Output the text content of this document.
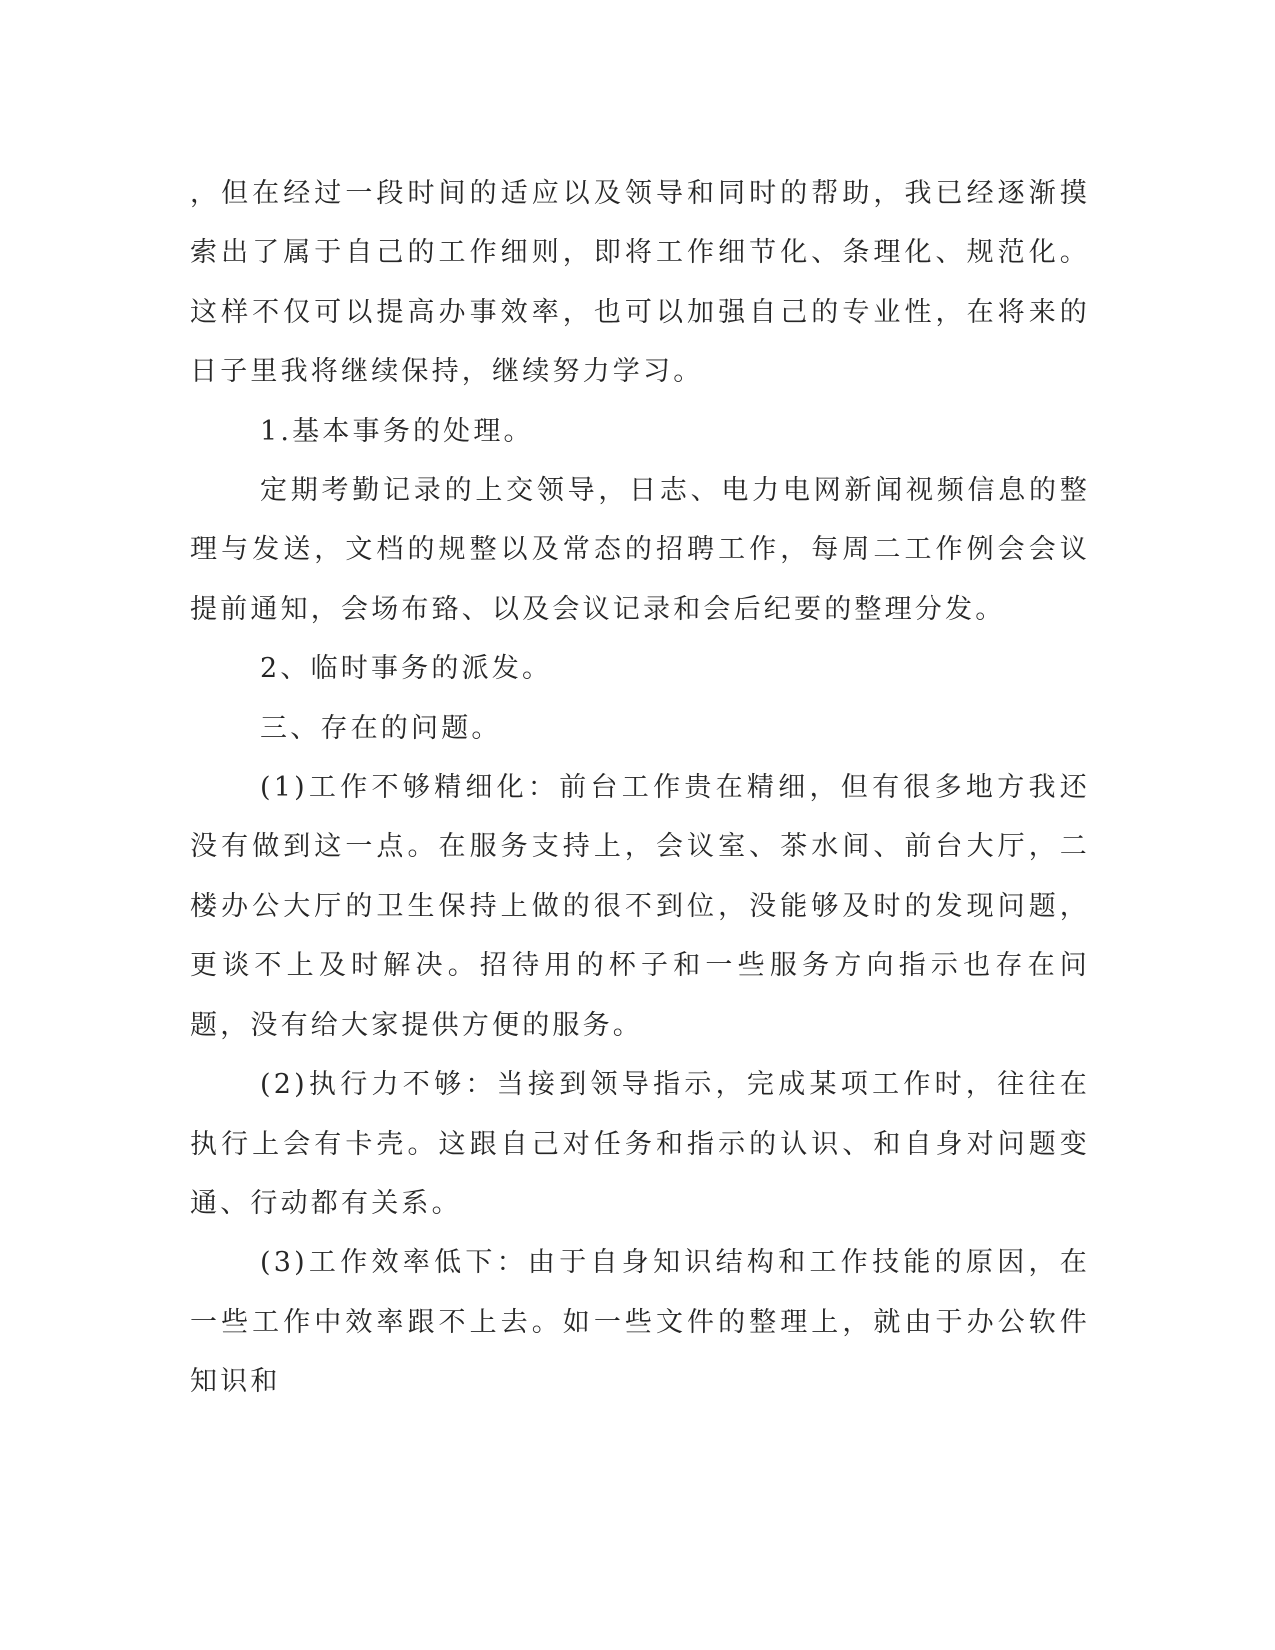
，但在经过一段时间的适应以及领导和同时的帮助，我已经逐渐摸索出了属于自己的工作细则，即将工作细节化、条理化、规范化。这样不仅可以提高办事效率，也可以加强自己的专业性，在将来的日子里我将继续保持，继续努力学习。

1.基本事务的处理。

定期考勤记录的上交领导，日志、电力电网新闻视频信息的整理与发送，文档的规整以及常态的招聘工作，每周二工作例会会议提前通知，会场布臵、以及会议记录和会后纪要的整理分发。

2、临时事务的派发。

三、存在的问题。

(1)工作不够精细化：前台工作贵在精细，但有很多地方我还没有做到这一点。在服务支持上，会议室、茶水间、前台大厅，二楼办公大厅的卫生保持上做的很不到位，没能够及时的发现问题，更谈不上及时解决。招待用的杯子和一些服务方向指示也存在问题，没有给大家提供方便的服务。

(2)执行力不够：当接到领导指示，完成某项工作时，往往在执行上会有卡壳。这跟自己对任务和指示的认识、和自身对问题变通、行动都有关系。

(3)工作效率低下：由于自身知识结构和工作技能的原因，在一些工作中效率跟不上去。如一些文件的整理上，就由于办公软件知识和
